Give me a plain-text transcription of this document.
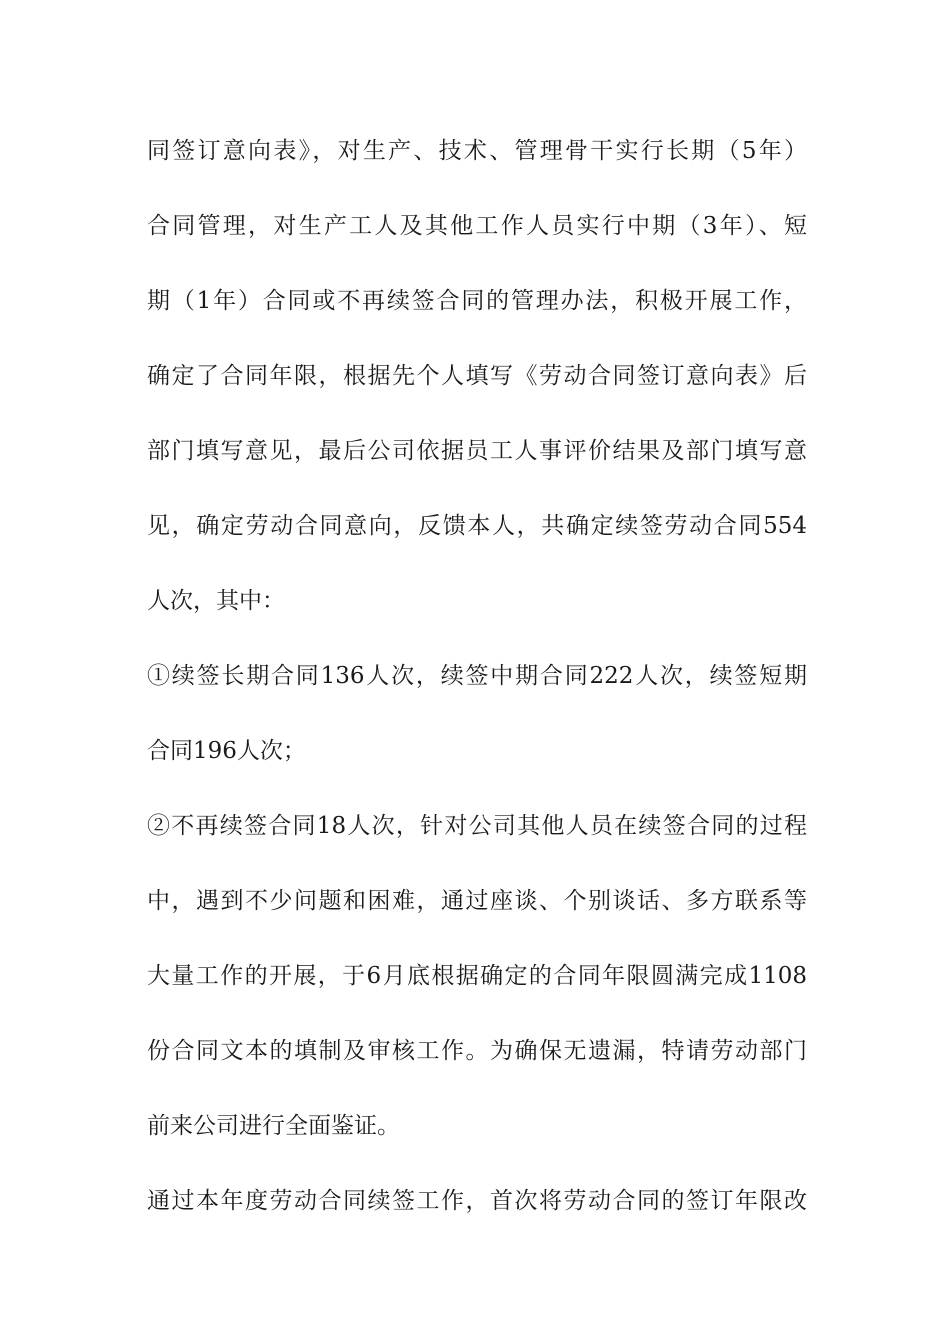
同签订意向表》，对生产、技术、管理骨干实行长期（5年）
合同管理，对生产工人及其他工作人员实行中期（3年）、短
期（1年）合同或不再续签合同的管理办法，积极开展工作，
确定了合同年限，根据先个人填写《劳动合同签订意向表》后
部门填写意见，最后公司依据员工人事评价结果及部门填写意
见，确定劳动合同意向，反馈本人，共确定续签劳动合同554
人次，其中：
①续签长期合同136人次，续签中期合同222人次，续签短期
合同196人次；
②不再续签合同18人次，针对公司其他人员在续签合同的过程
中，遇到不少问题和困难，通过座谈、个别谈话、多方联系等
大量工作的开展，于6月底根据确定的合同年限圆满完成1108
份合同文本的填制及审核工作。为确保无遗漏，特请劳动部门
前来公司进行全面鉴证。
通过本年度劳动合同续签工作，首次将劳动合同的签订年限改
